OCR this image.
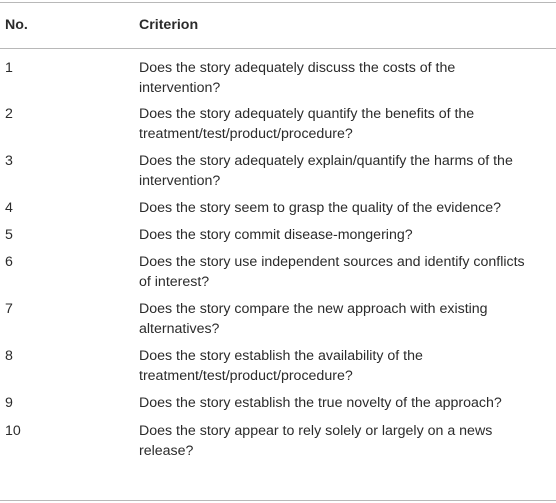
No.	Criterion
1	Does the story adequately discuss the costs of the
intervention?
2	Does the story adequately quantify the benefits of the
treatment/test/product/procedure?
3	Does the story adequately explain/quantify the harms of the
intervention?
4	Does the story seem to grasp the quality of the evidence?
5	Does the story commit disease-mongering?
6	Does the story use independent sources and identify conflicts
of interest?
7	Does the story compare the new approach with existing
alternatives?
8	Does the story establish the availability of the
treatment/test/product/procedure?
9	Does the story establish the true novelty of the approach?
10	Does the story appear to rely solely or largely on a news
release?
